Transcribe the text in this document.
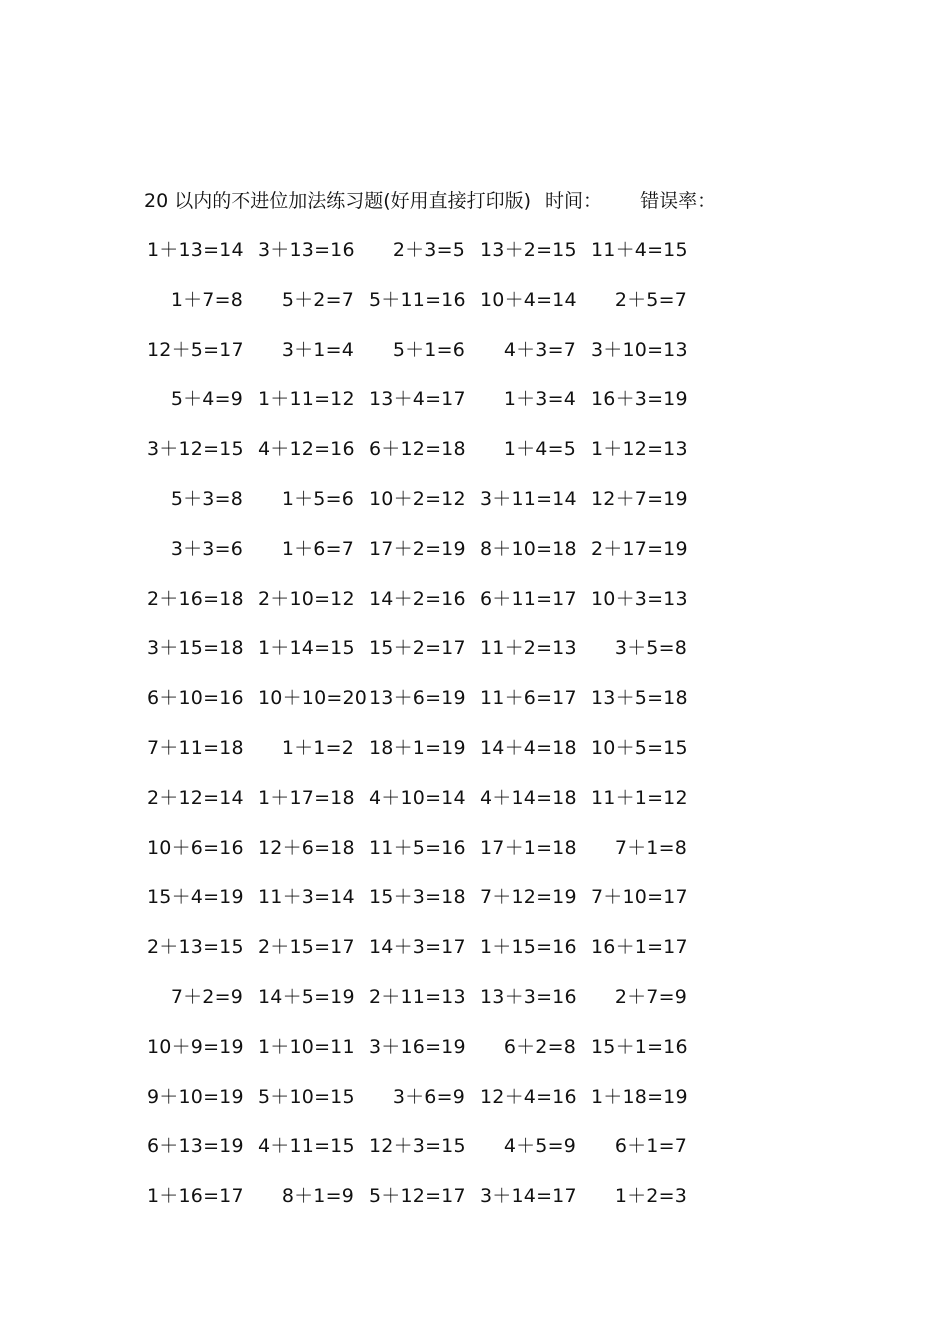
20 以内的不进位加法练习题(好用直接打印版) 时间： 错误率：
1＋13=14 3＋13=16	2＋3=5 13＋2=15 11＋4=15
1＋7=8	5＋2=7 5＋11=16 10＋4=14	2＋5=7
12＋5=17	3＋1=4	5＋1=6	4＋3=7 3＋10=13
5＋4=9 1＋11=12 13＋4=17	1＋3=4 16＋3=19
3＋12=15 4＋12=16 6＋12=18	1＋4=5 1＋12=13
5＋3=8	1＋5=6 10＋2=12 3＋11=14 12＋7=19
3＋3=6	1＋6=7 17＋2=19 8＋10=18 2＋17=19
2＋16=18 2＋10=12 14＋2=16 6＋11=17 10＋3=13
3＋15=18 1＋14=15 15＋2=17 11＋2=13	3＋5=8
6＋10=16 10＋10=20 13＋6=19 11＋6=17 13＋5=18
7＋11=18	1＋1=2 18＋1=19 14＋4=18 10＋5=15
2＋12=14 1＋17=18 4＋10=14 4＋14=18 11＋1=12
10＋6=16 12＋6=18 11＋5=16 17＋1=18	7＋1=8
15＋4=19 11＋3=14 15＋3=18 7＋12=19 7＋10=17
2＋13=15 2＋15=17 14＋3=17 1＋15=16 16＋1=17
7＋2=9 14＋5=19 2＋11=13 13＋3=16	2＋7=9
10＋9=19 1＋10=11 3＋16=19	6＋2=8 15＋1=16
9＋10=19 5＋10=15	3＋6=9 12＋4=16 1＋18=19
6＋13=19 4＋11=15 12＋3=15	4＋5=9	6＋1=7
1＋16=17	8＋1=9 5＋12=17 3＋14=17	1＋2=3
